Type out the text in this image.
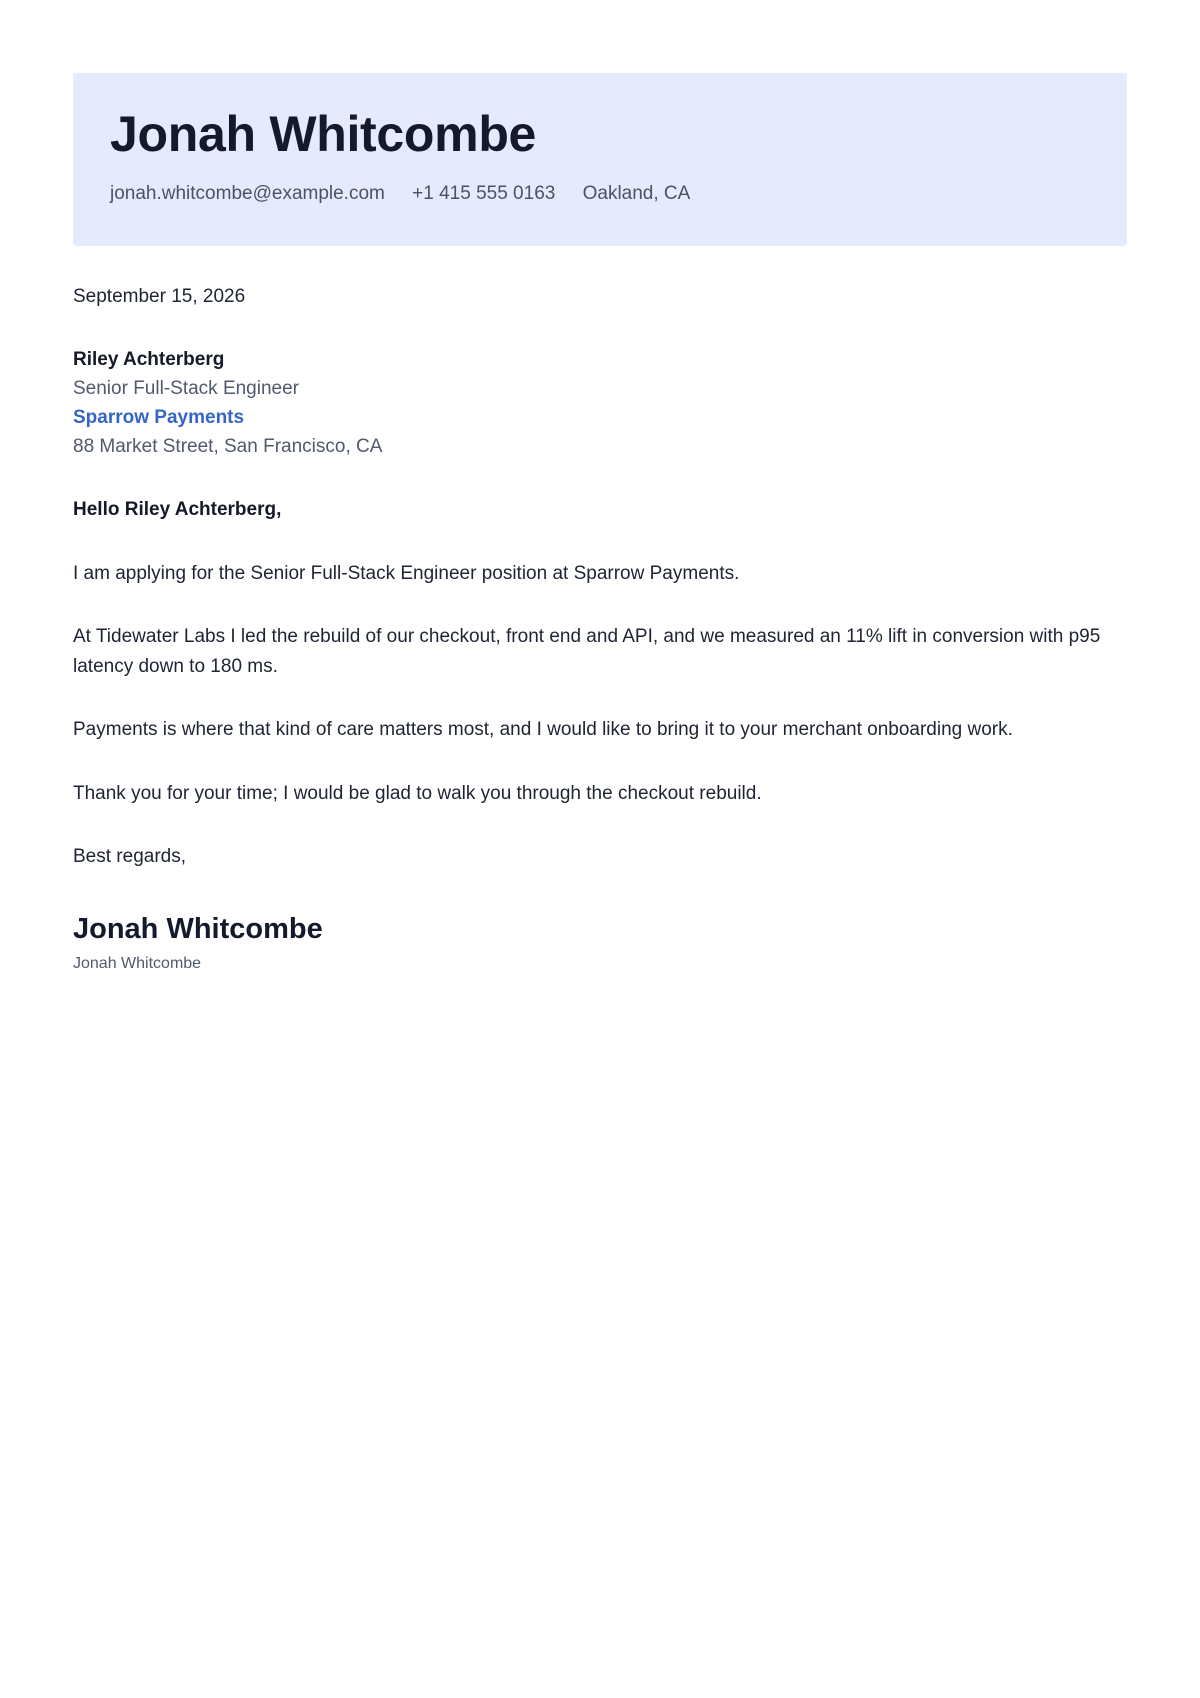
Jonah Whitcombe
jonah.whitcombe@example.com +1 415 555 0163 Oakland, CA
September 15, 2026
Riley Achterberg
Senior Full-Stack Engineer
Sparrow Payments
88 Market Street, San Francisco, CA
Hello Riley Achterberg,

I am applying for the Senior Full-Stack Engineer position at Sparrow Payments.

At Tidewater Labs I led the rebuild of our checkout, front end and API, and we measured an 11% lift in conversion with p95 latency down to 180 ms.

Payments is where that kind of care matters most, and I would like to bring it to your merchant onboarding work.

Thank you for your time; I would be glad to walk you through the checkout rebuild.

Best regards,
Jonah Whitcombe
Jonah Whitcombe
